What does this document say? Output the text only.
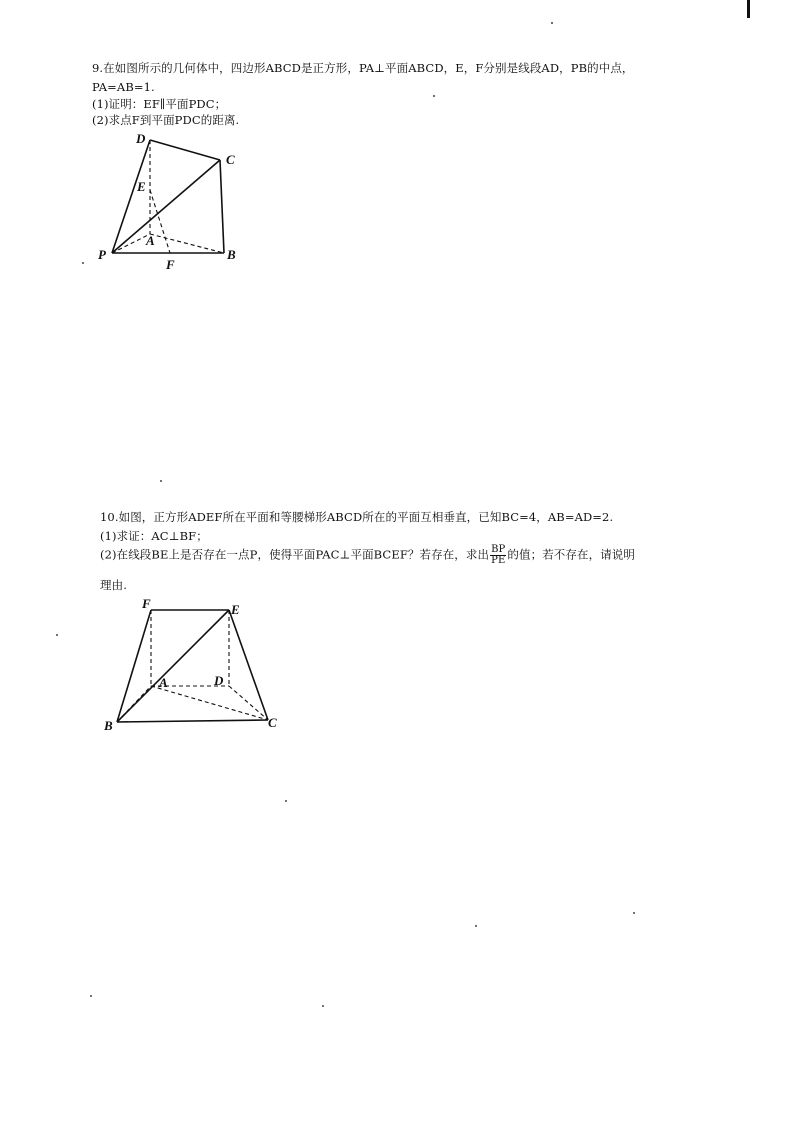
9.在如图所示的几何体中，四边形ABCD是正方形，PA⊥平面ABCD，E，F分别是线段AD，PB的中点，
PA=AB=1.
(1)证明：EF∥平面PDC；
(2)求点F到平面PDC的距离.
D
C
E
A
P
F
B
10.如图，正方形ADEF所在平面和等腰梯形ABCD所在的平面互相垂直，已知BC=4，AB=AD=2.
(1)求证：AC⊥BF；
(2)在线段BE上是否存在一点P，使得平面PAC⊥平面BCEF？若存在，求出 $\frac{BP}{PE}$ 的值；若不存在，请说明
理由.
F	E
A	D
B	C
